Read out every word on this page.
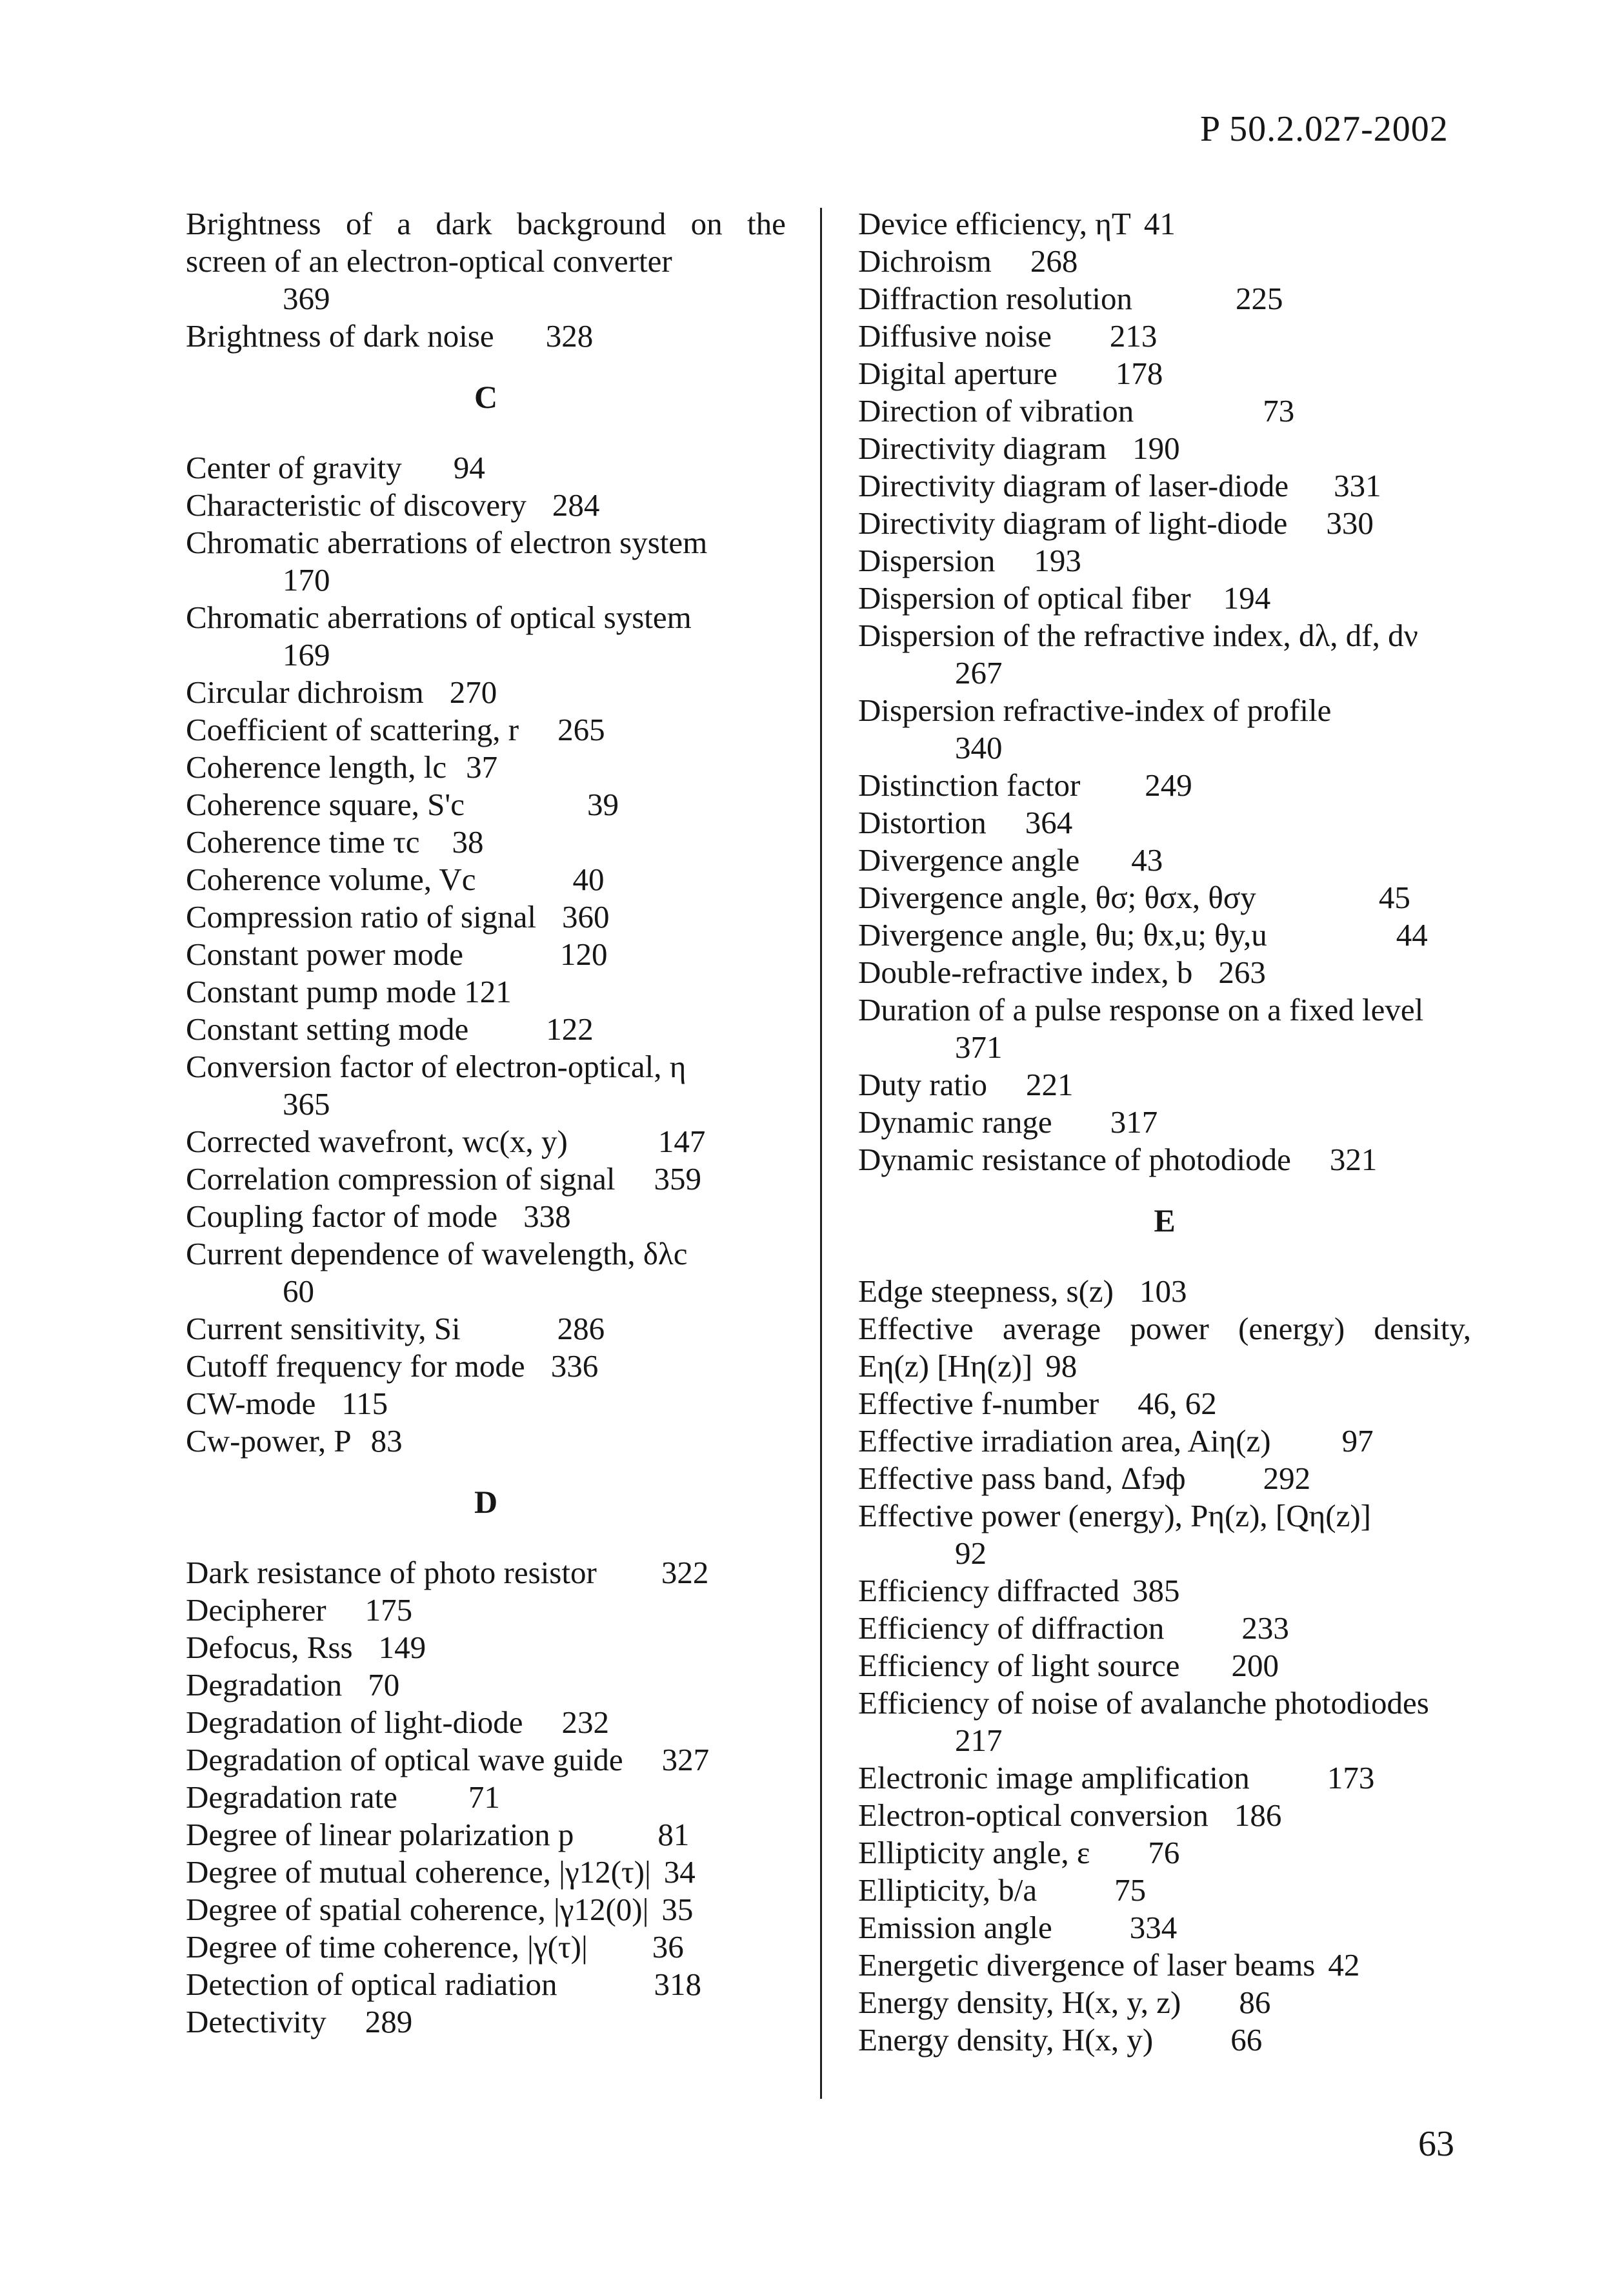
P 50.2.027-2002
Brightness of a dark background on the
screen of an electron-optical converter
369
Brightness of dark noise 328
C
Center of gravity 94
Characteristic of discovery 284
Chromatic aberrations of electron system
170
Chromatic aberrations of optical system
169
Circular dichroism 270
Coefficient of scattering, r 265
Coherence length, lc 37
Coherence square, S'c	39
Coherence time τc 38
Coherence volume, Vc	40
Compression ratio of signal 360
Constant power mode	120
Constant pump mode 121
Constant setting mode 122
Conversion factor of electron-optical, η
365
Corrected wavefront, wc(x, y)	147
Correlation compression of signal 359
Coupling factor of mode 338
Current dependence of wavelength, δλc
60
Current sensitivity, Si	286
Cutoff frequency for mode 336
CW-mode 115
Cw-power, P 83
D
Dark resistance of photo resistor 322
Decipherer 175
Defocus, Rss 149
Degradation 70
Degradation of light-diode 232
Degradation of optical wave guide 327
Degradation rate 71
Degree of linear polarization p	81
Degree of mutual coherence, |γ12(τ)| 34
Degree of spatial coherence, |γ12(0)| 35
Degree of time coherence, |γ(τ)| 36
Detection of optical radiation	318
Detectivity 289
Device efficiency, ηT 41
Dichroism 268
Diffraction resolution	225
Diffusive noise 213
Digital aperture 178
Direction of vibration	73
Directivity diagram 190
Directivity diagram of laser-diode 331
Directivity diagram of light-diode 330
Dispersion 193
Dispersion of optical fiber 194
Dispersion of the refractive index, dλ, df, dν
267
Dispersion refractive-index of profile
340
Distinction factor 249
Distortion 364
Divergence angle 43
Divergence angle, θσ; θσx, θσy	45
Divergence angle, θu; θx,u; θy,u	44
Double-refractive index, b 263
Duration of a pulse response on a fixed level
371
Duty ratio 221
Dynamic range 317
Dynamic resistance of photodiode 321
E
Edge steepness, s(z) 103
Effective average power (energy) density,
Eη(z) [Hη(z)] 98
Effective f-number 46, 62
Effective irradiation area, Aiη(z) 97
Effective pass band, Δfэф 292
Effective power (energy), Pη(z), [Qη(z)]
92
Efficiency diffracted 385
Efficiency of diffraction 233
Efficiency of light source 200
Efficiency of noise of avalanche photodiodes
217
Electronic image amplification 173
Electron-optical conversion 186
Ellipticity angle, ε 76
Ellipticity, b/a 75
Emission angle 334
Energetic divergence of laser beams 42
Energy density, H(x, y, z) 86
Energy density, H(x, y) 66
63
